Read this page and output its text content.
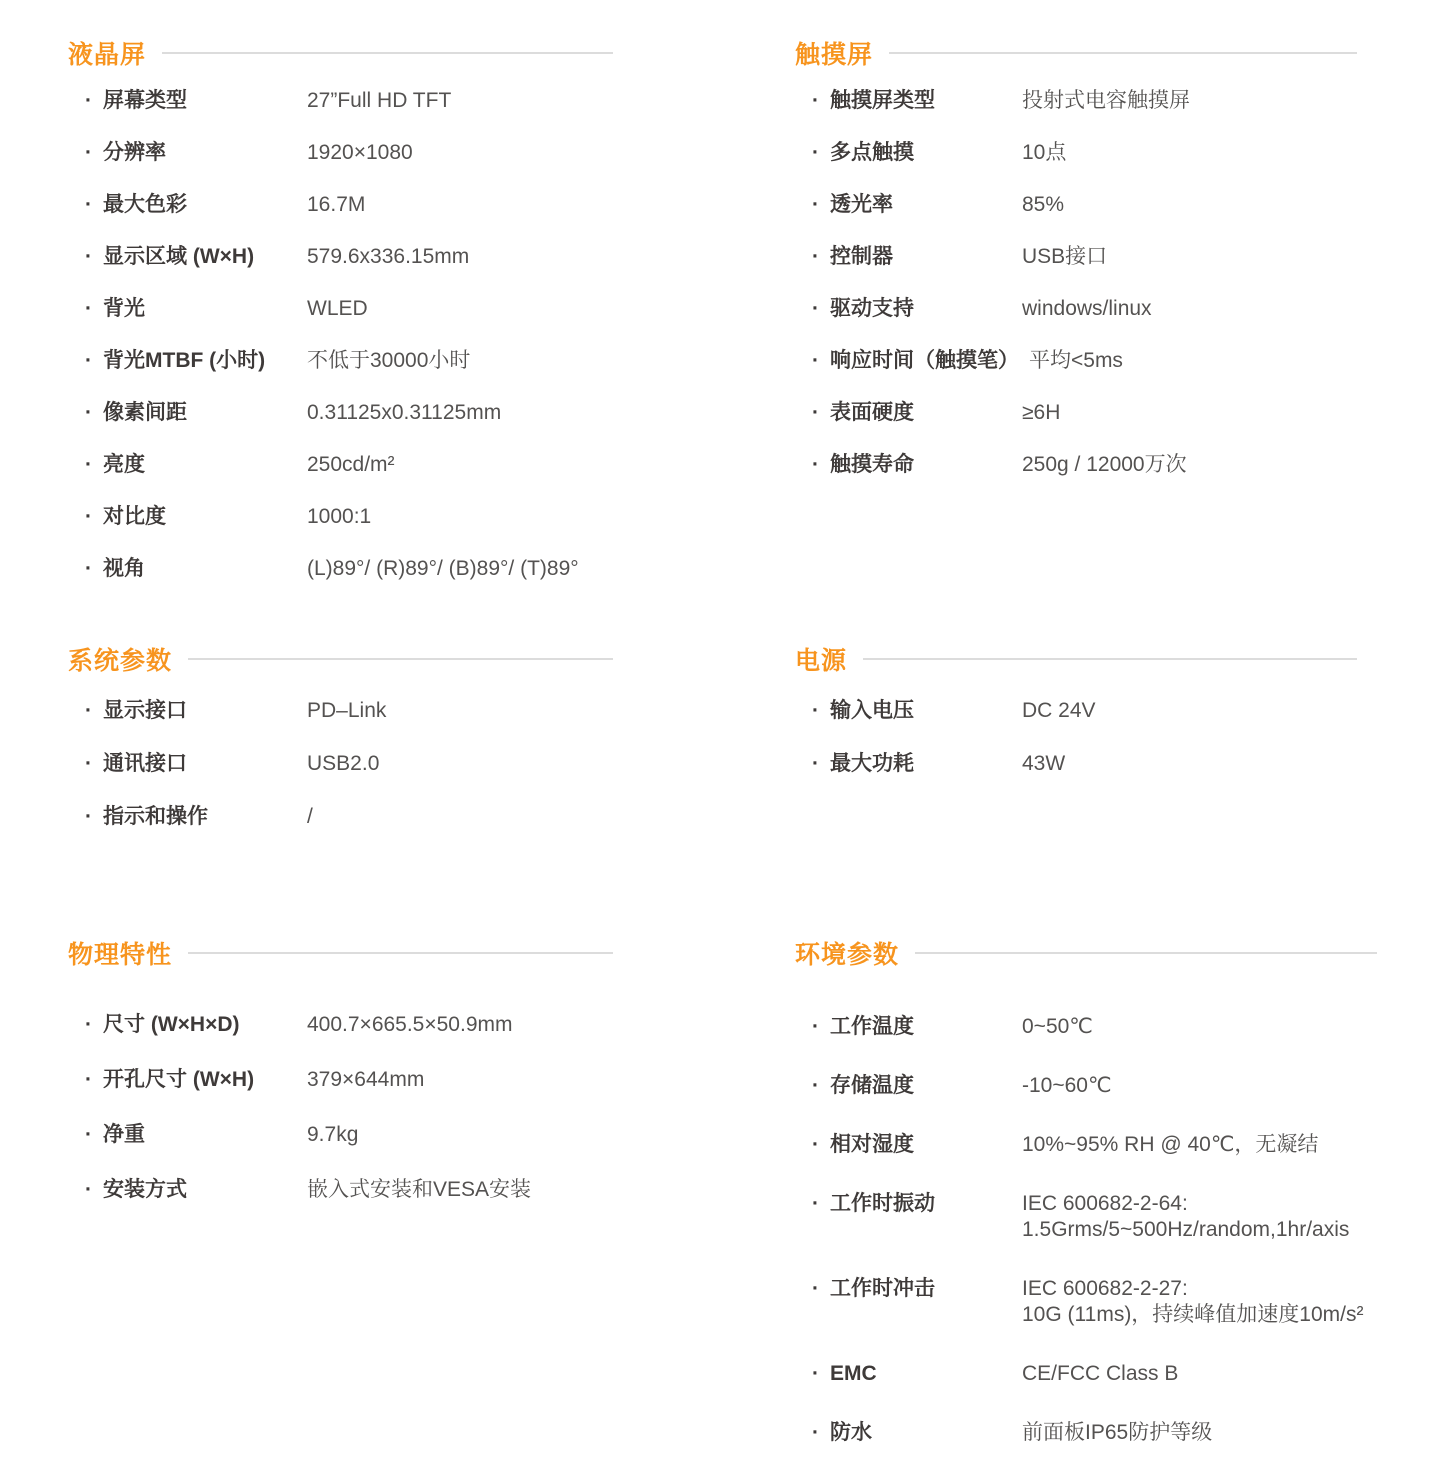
液晶屏
·
屏幕类型	27”Full HD TFT
·
分辨率	1920×1080
·
最大色彩	16.7M
·
显示区域 (W×H)	579.6x336.15mm
·
背光	WLED
·
背光MTBF (小时)	不低于30000小时
·
像素间距	0.31125x0.31125mm
·
亮度	250cd/m²
·
对比度	1000:1
·
视角	(L)89°/ (R)89°/ (B)89°/ (T)89°
触摸屏
·
触摸屏类型	投射式电容触摸屏
·
多点触摸	10点
·
透光率	85%
·
控制器	USB接口
·
驱动支持	windows/linux
·
响应时间（触摸笔） 平均<5ms
·
表面硬度	≥6H
·
触摸寿命	250g / 12000万次
系统参数
·
显示接口	PD–Link
·
通讯接口	USB2.0
·
指示和操作	/
电源
·
输入电压	DC 24V
·
最大功耗	43W
物理特性
·
尺寸 (W×H×D)	400.7×665.5×50.9mm
·
开孔尺寸 (W×H)	379×644mm
·
净重	9.7kg
·
安装方式	嵌入式安装和VESA安装
环境参数
·
工作温度	0~50℃
·
存储温度	-10~60℃
·
相对湿度	10%~95% RH @ 40℃，无凝结
·
工作时振动	IEC 600682-2-64:
1.5Grms/5~500Hz/random,1hr/axis
·
工作时冲击	IEC 600682-2-27:
10G (11ms)，持续峰值加速度10m/s²
·
EMC	CE/FCC Class B
·
防水	前面板IP65防护等级
